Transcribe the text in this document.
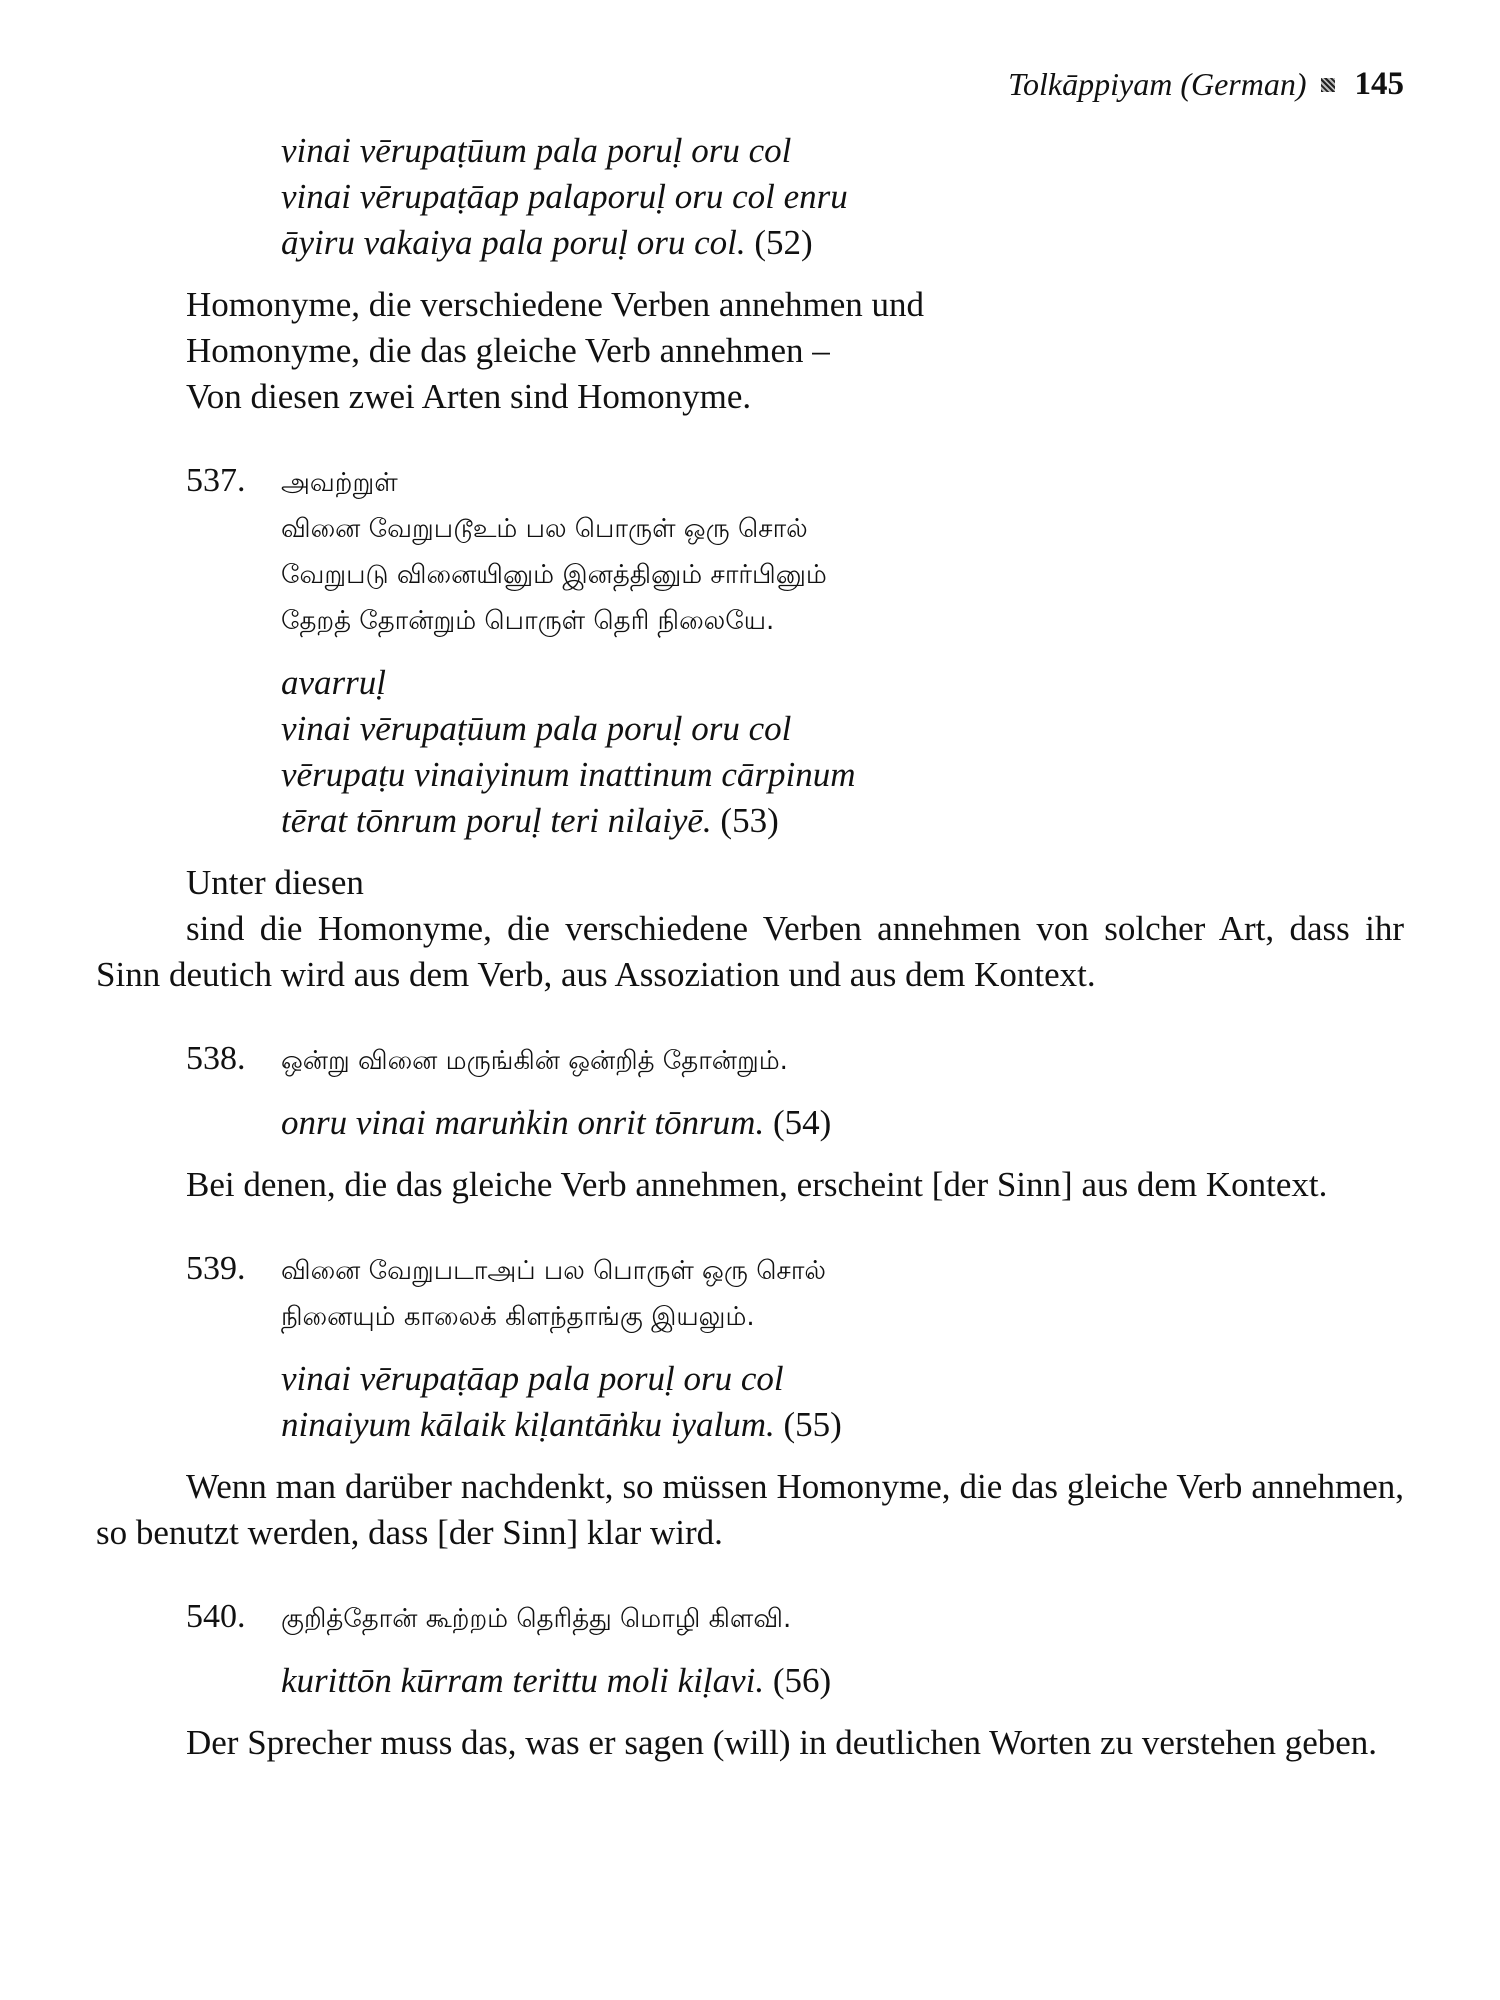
Tolkāppiyam (German) 145
vinai vērupaṭūum pala poruḷ oru col
vinai vērupaṭāap palaporuḷ oru col enru
āyiru vakaiya pala poruḷ oru col. (52)
Homonyme, die verschiedene Verben annehmen und
Homonyme, die das gleiche Verb annehmen –
Von diesen zwei Arten sind Homonyme.
537.	அவற்றுள்
வினை வேறுபடூஉம் பல பொருள் ஒரு சொல்
வேறுபடு வினையினும் இனத்தினும் சார்பினும்
தேறத் தோன்றும் பொருள் தெரி நிலையே.
avarruḷ
vinai vērupaṭūum pala poruḷ oru col
vērupaṭu vinaiyinum inattinum cārpinum
tērat tōnrum poruḷ teri nilaiyē. (53)
Unter diesen
sind die Homonyme, die verschiedene Verben annehmen von solcher Art, dass ihr Sinn deutich wird aus dem Verb, aus Assoziation und aus dem Kontext.
538.	ஒன்று வினை மருங்கின் ஒன்றித் தோன்றும்.
onru vinai maruṅkin onrit tōnrum. (54)
Bei denen, die das gleiche Verb annehmen, erscheint [der Sinn] aus dem Kontext.
539.	வினை வேறுபடாஅப் பல பொருள் ஒரு சொல்
நினையும் காலைக் கிளந்தாங்கு இயலும்.
vinai vērupaṭāap pala poruḷ oru col
ninaiyum kālaik kiḷantāṅku iyalum. (55)
Wenn man darüber nachdenkt, so müssen Homonyme, die das gleiche Verb annehmen, so benutzt werden, dass [der Sinn] klar wird.
540.	குறித்தோன் கூற்றம் தெரித்து மொழி கிளவி.
kurittōn kūrram terittu moli kiḷavi. (56)
Der Sprecher muss das, was er sagen (will) in deutlichen Worten zu verstehen geben.
